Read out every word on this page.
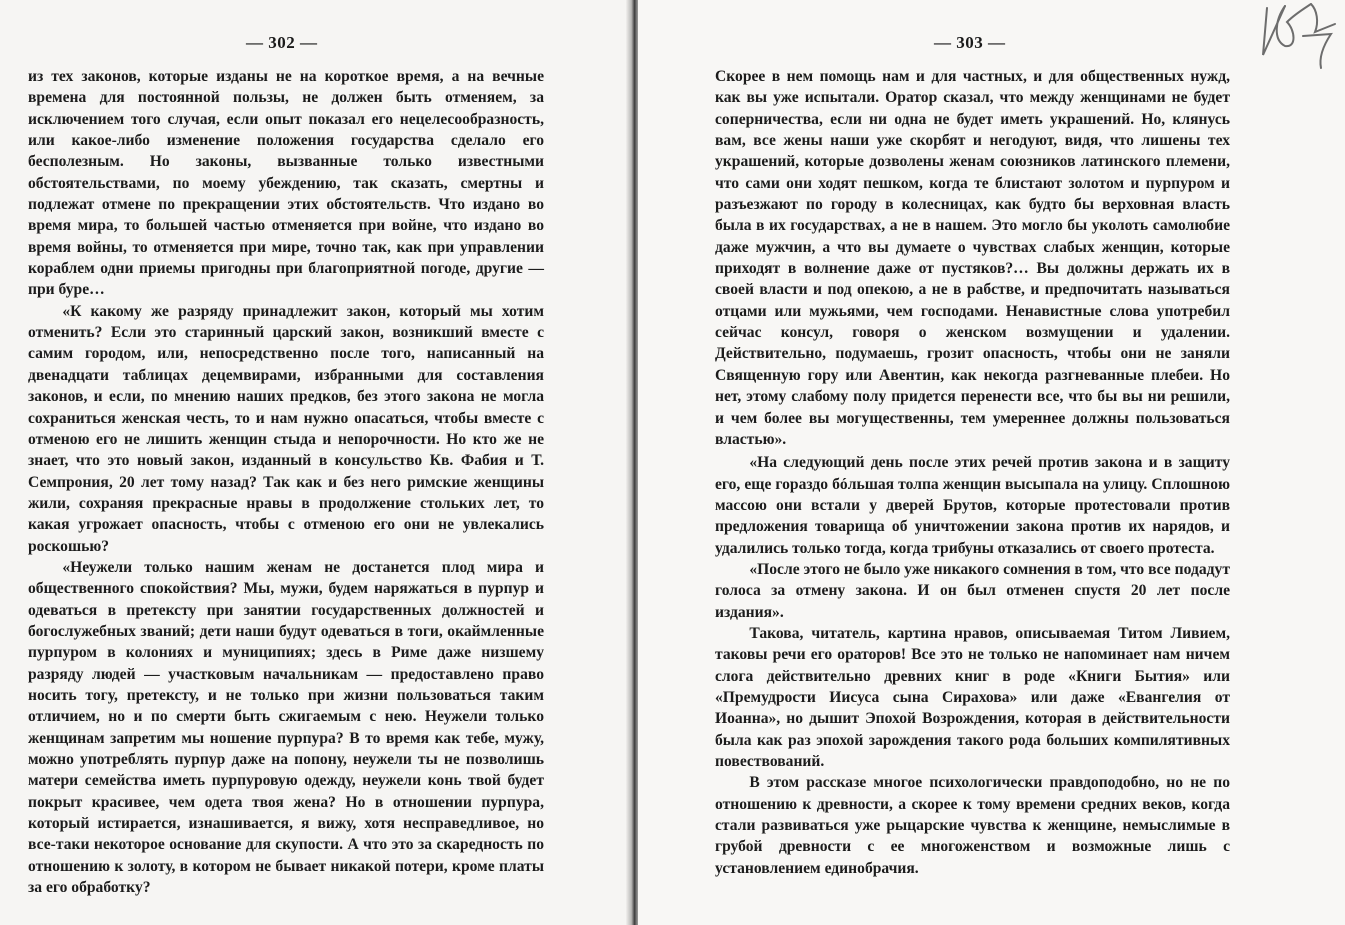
— 302 —

из тех законов, которые изданы не на короткое время, а на вечные времена для постоянной пользы, не должен быть отменяем, за исключением того случая, если опыт показал его нецелесообразность, или какое-либо изменение положения государства сделало его бесполезным. Но законы, вызванные только известными обстоятельствами, по моему убеждению, так сказать, смертны и подлежат отмене по прекращении этих обстоятельств. Что издано во время мира, то большей частью отменяется при войне, что издано во время войны, то отменяется при мире, точно так, как при управлении кораблем одни приемы пригодны при благоприятной погоде, другие — при буре…

«К какому же разряду принадлежит закон, который мы хотим отменить? Если это старинный царский закон, возникший вместе с самим городом, или, непосредственно после того, написанный на двенадцати таблицах децемвирами, избранными для составления законов, и если, по мнению наших предков, без этого закона не могла сохраниться женская честь, то и нам нужно опасаться, чтобы вместе с отменою его не лишить женщин стыда и непорочности. Но кто же не знает, что это новый закон, изданный в консульство Кв. Фабия и Т. Семпрония, 20 лет тому назад? Так как и без него римские женщины жили, сохраняя прекрасные нравы в продолжение стольких лет, то какая угрожает опасность, чтобы с отменою его они не увлекались роскошью?

«Неужели только нашим женам не достанется плод мира и общественного спокойствия? Мы, мужи, будем наряжаться в пурпур и одеваться в претексту при занятии государственных должностей и богослужебных званий; дети наши будут одеваться в тоги, окаймленные пурпуром в колониях и муниципиях; здесь в Риме даже низшему разряду людей — участковым начальникам — предоставлено право носить тогу, претексту, и не только при жизни пользоваться таким отличием, но и по смерти быть сжигаемым с нею. Неужели только женщинам запретим мы ношение пурпура? В то время как тебе, мужу, можно употреблять пурпур даже на попону, неужели ты не позволишь матери семейства иметь пурпуровую одежду, неужели конь твой будет покрыт красивее, чем одета твоя жена? Но в отношении пурпура, который истирается, изнашивается, я вижу, хотя несправедливое, но все-таки некоторое основание для скупости. А что это за скаредность по отношению к золоту, в котором не бывает никакой потери, кроме платы за его обработку?

— 303 —

Скорее в нем помощь нам и для частных, и для общественных нужд, как вы уже испытали. Оратор сказал, что между женщинами не будет соперничества, если ни одна не будет иметь украшений. Но, клянусь вам, все жены наши уже скорбят и негодуют, видя, что лишены тех украшений, которые дозволены женам союзников латинского племени, что сами они ходят пешком, когда те блистают золотом и пурпуром и разъезжают по городу в колесницах, как будто бы верховная власть была в их государствах, а не в нашем. Это могло бы уколоть самолюбие даже мужчин, а что вы думаете о чувствах слабых женщин, которые приходят в волнение даже от пустяков?… Вы должны держать их в своей власти и под опекою, а не в рабстве, и предпочитать называться отцами или мужьями, чем господами. Ненавистные слова употребил сейчас консул, говоря о женском возмущении и удалении. Действительно, подумаешь, грозит опасность, чтобы они не заняли Священную гору или Авентин, как некогда разгневанные плебеи. Но нет, этому слабому полу придется перенести все, что бы вы ни решили, и чем более вы могущественны, тем умереннее должны пользоваться властью».

«На следующий день после этих речей против закона и в защиту его, еще гораздо бóльшая толпа женщин высыпала на улицу. Сплошною массою они встали у дверей Брутов, которые протестовали против предложения товарища об уничтожении закона против их нарядов, и удалились только тогда, когда трибуны отказались от своего протеста.

«После этого не было уже никакого сомнения в том, что все подадут голоса за отмену закона. И он был отменен спустя 20 лет после издания».

Такова, читатель, картина нравов, описываемая Титом Ливием, таковы речи его ораторов! Все это не только не напоминает нам ничем слога действительно древних книг в роде «Книги Бытия» или «Премудрости Иисуса сына Сирахова» или даже «Евангелия от Иоанна», но дышит Эпохой Возрождения, которая в действительности была как раз эпохой зарождения такого рода больших компилятивных повествований.

В этом рассказе многое психологически правдоподобно, но не по отношению к древности, а скорее к тому времени средних веков, когда стали развиваться уже рыцарские чувства к женщине, немыслимые в грубой древности с ее многоженством и возможные лишь с установлением единобрачия.
